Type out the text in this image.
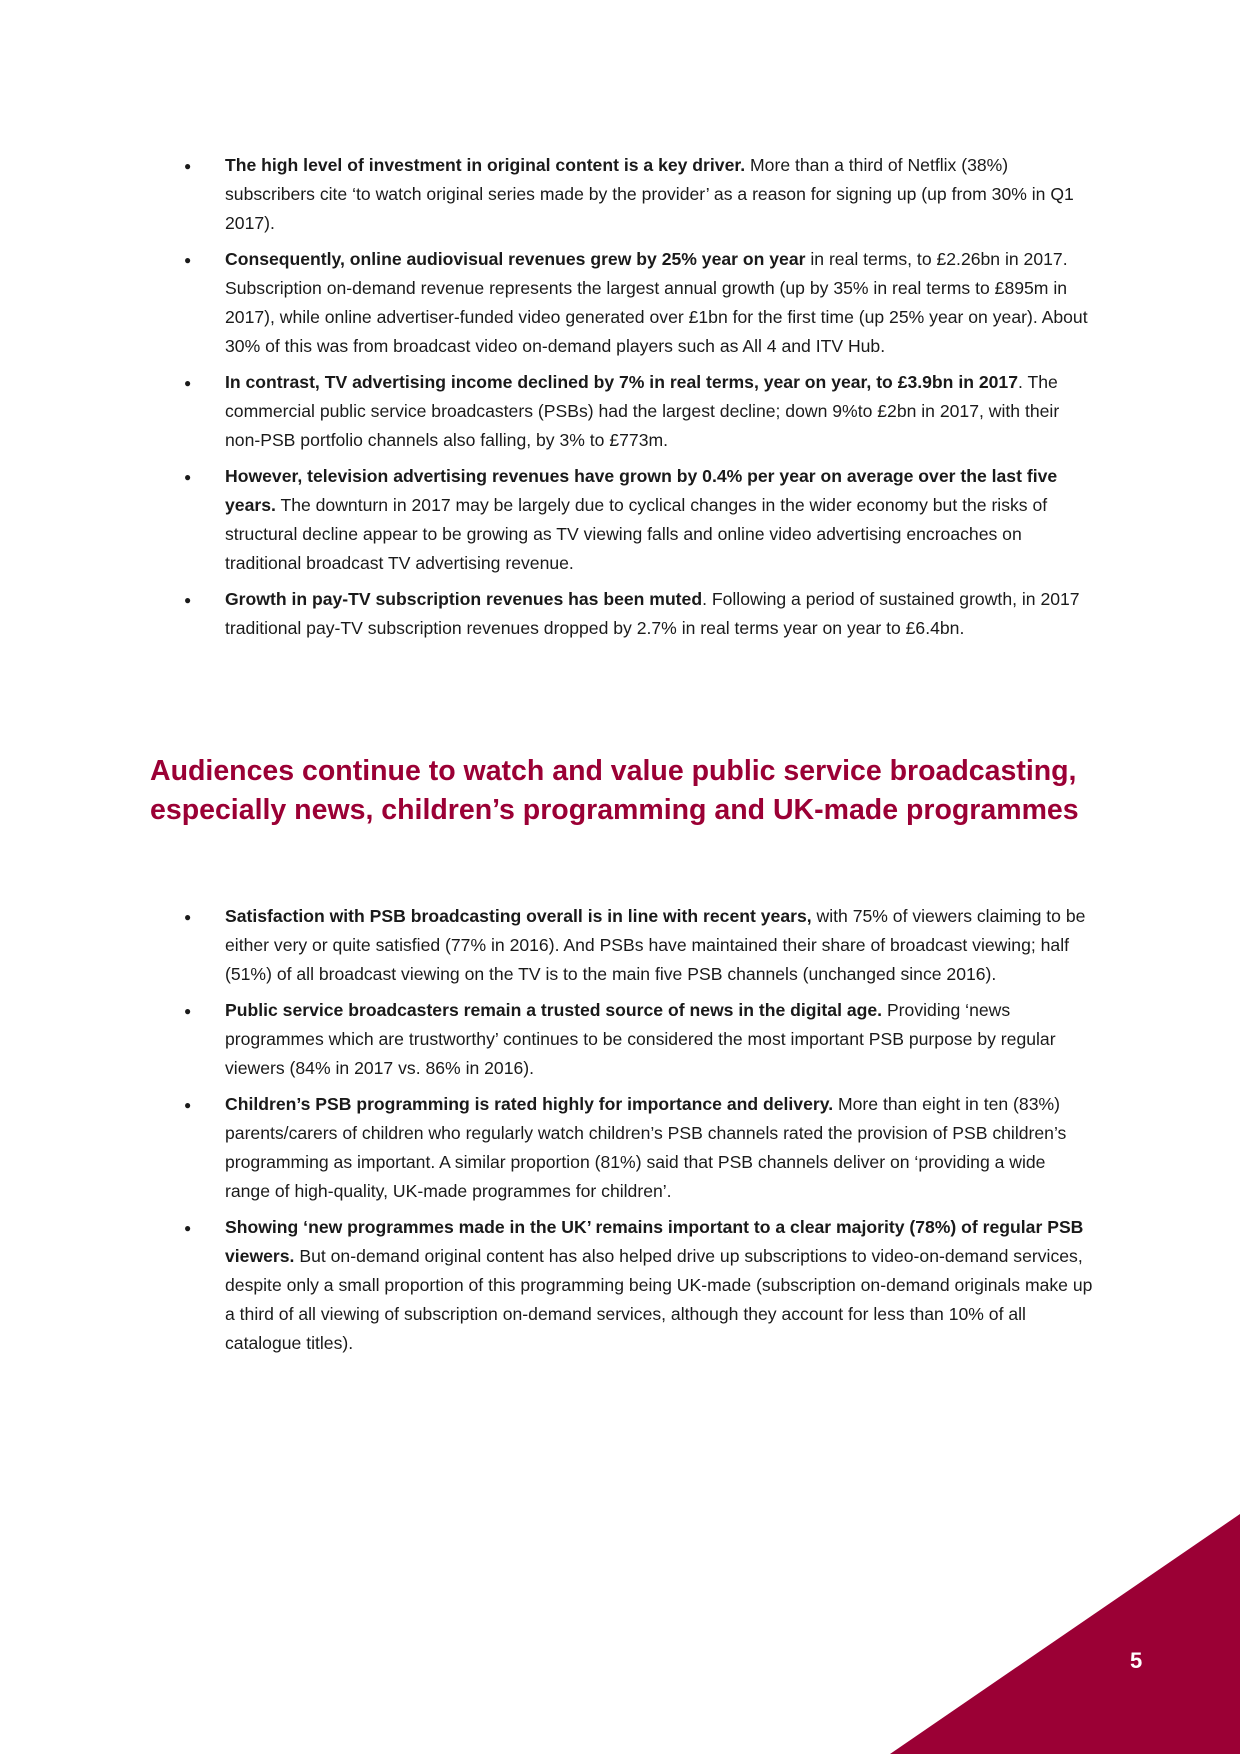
● The high level of investment in original content is a key driver. More than a third of Netflix (38%) subscribers cite ‘to watch original series made by the provider’ as a reason for signing up (up from 30% in Q1 2017).
● Consequently, online audiovisual revenues grew by 25% year on year in real terms, to £2.26bn in 2017. Subscription on-demand revenue represents the largest annual growth (up by 35% in real terms to £895m in 2017), while online advertiser-funded video generated over £1bn for the first time (up 25% year on year). About 30% of this was from broadcast video on-demand players such as All 4 and ITV Hub.
● In contrast, TV advertising income declined by 7% in real terms, year on year, to £3.9bn in 2017. The commercial public service broadcasters (PSBs) had the largest decline; down 9%to £2bn in 2017, with their non-PSB portfolio channels also falling, by 3% to £773m.
● However, television advertising revenues have grown by 0.4% per year on average over the last five years. The downturn in 2017 may be largely due to cyclical changes in the wider economy but the risks of structural decline appear to be growing as TV viewing falls and online video advertising encroaches on traditional broadcast TV advertising revenue.
● Growth in pay-TV subscription revenues has been muted. Following a period of sustained growth, in 2017 traditional pay-TV subscription revenues dropped by 2.7% in real terms year on year to £6.4bn.
Audiences continue to watch and value public service broadcasting, especially news, children’s programming and UK-made programmes
● Satisfaction with PSB broadcasting overall is in line with recent years, with 75% of viewers claiming to be either very or quite satisfied (77% in 2016). And PSBs have maintained their share of broadcast viewing; half (51%) of all broadcast viewing on the TV is to the main five PSB channels (unchanged since 2016).
● Public service broadcasters remain a trusted source of news in the digital age. Providing ‘news programmes which are trustworthy’ continues to be considered the most important PSB purpose by regular viewers (84% in 2017 vs. 86% in 2016).
● Children’s PSB programming is rated highly for importance and delivery. More than eight in ten (83%) parents/carers of children who regularly watch children’s PSB channels rated the provision of PSB children’s programming as important. A similar proportion (81%) said that PSB channels deliver on ‘providing a wide range of high-quality, UK-made programmes for children’.
● Showing ‘new programmes made in the UK’ remains important to a clear majority (78%) of regular PSB viewers. But on-demand original content has also helped drive up subscriptions to video-on-demand services, despite only a small proportion of this programming being UK-made (subscription on-demand originals make up a third of all viewing of subscription on-demand services, although they account for less than 10% of all catalogue titles).
5
